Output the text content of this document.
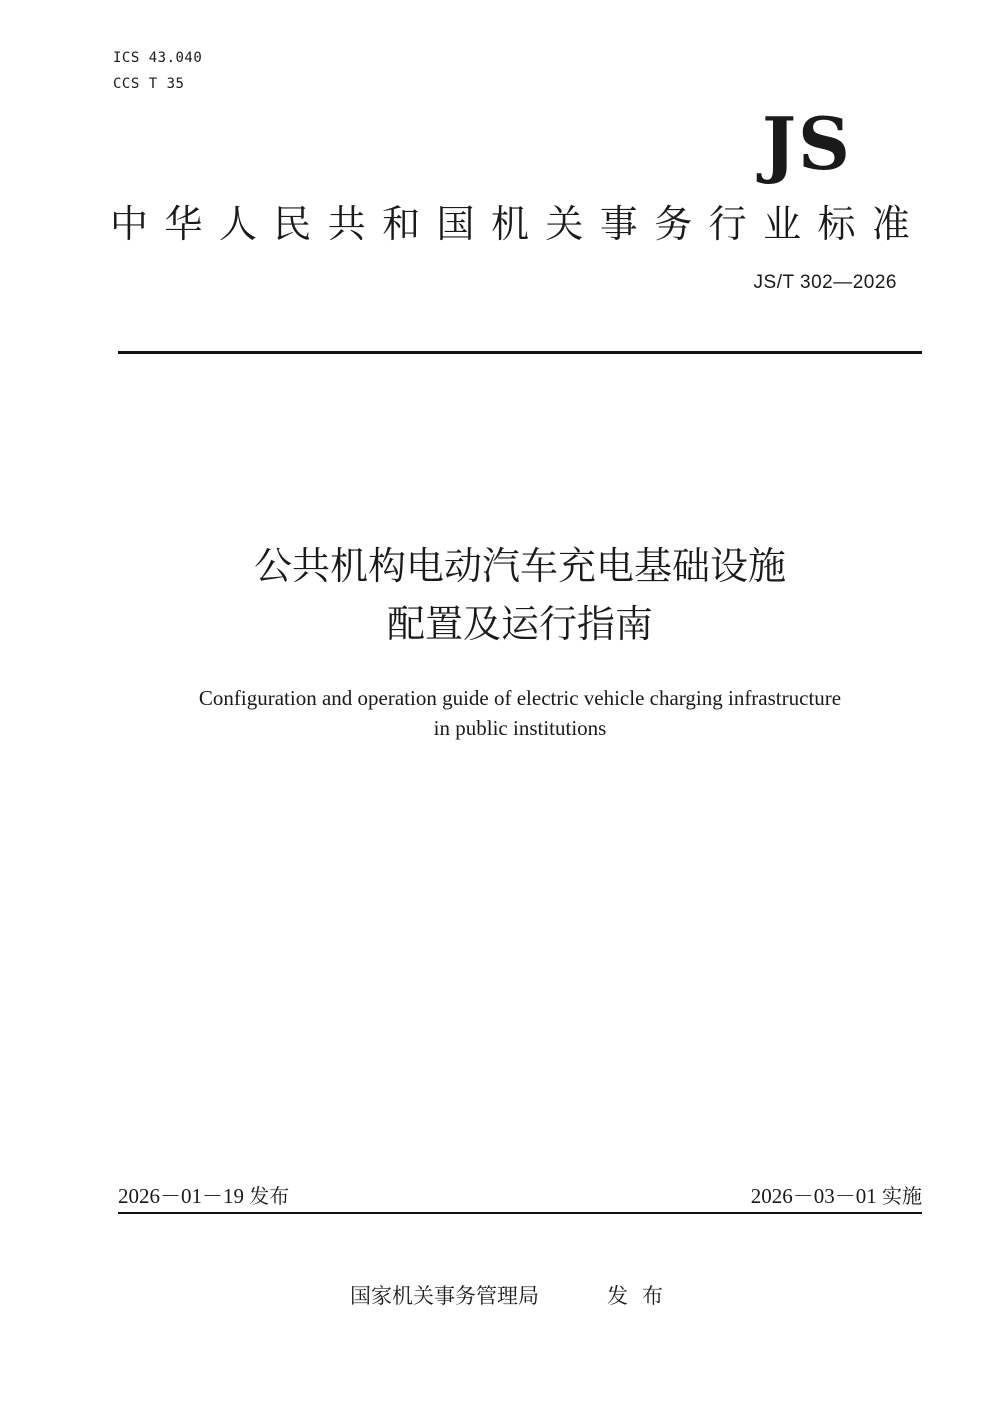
ICS 43.040
CCS T 35
JS
中 华 人 民 共 和 国 机 关 事 务 行 业 标 准
JS/T 302—2026
公共机构电动汽车充电基础设施
配置及运行指南
Configuration and operation guide of electric vehicle charging infrastructure
in public institutions
2026－01－19 发布	2026－03－01 实施
国家机关事务管理局	发布
